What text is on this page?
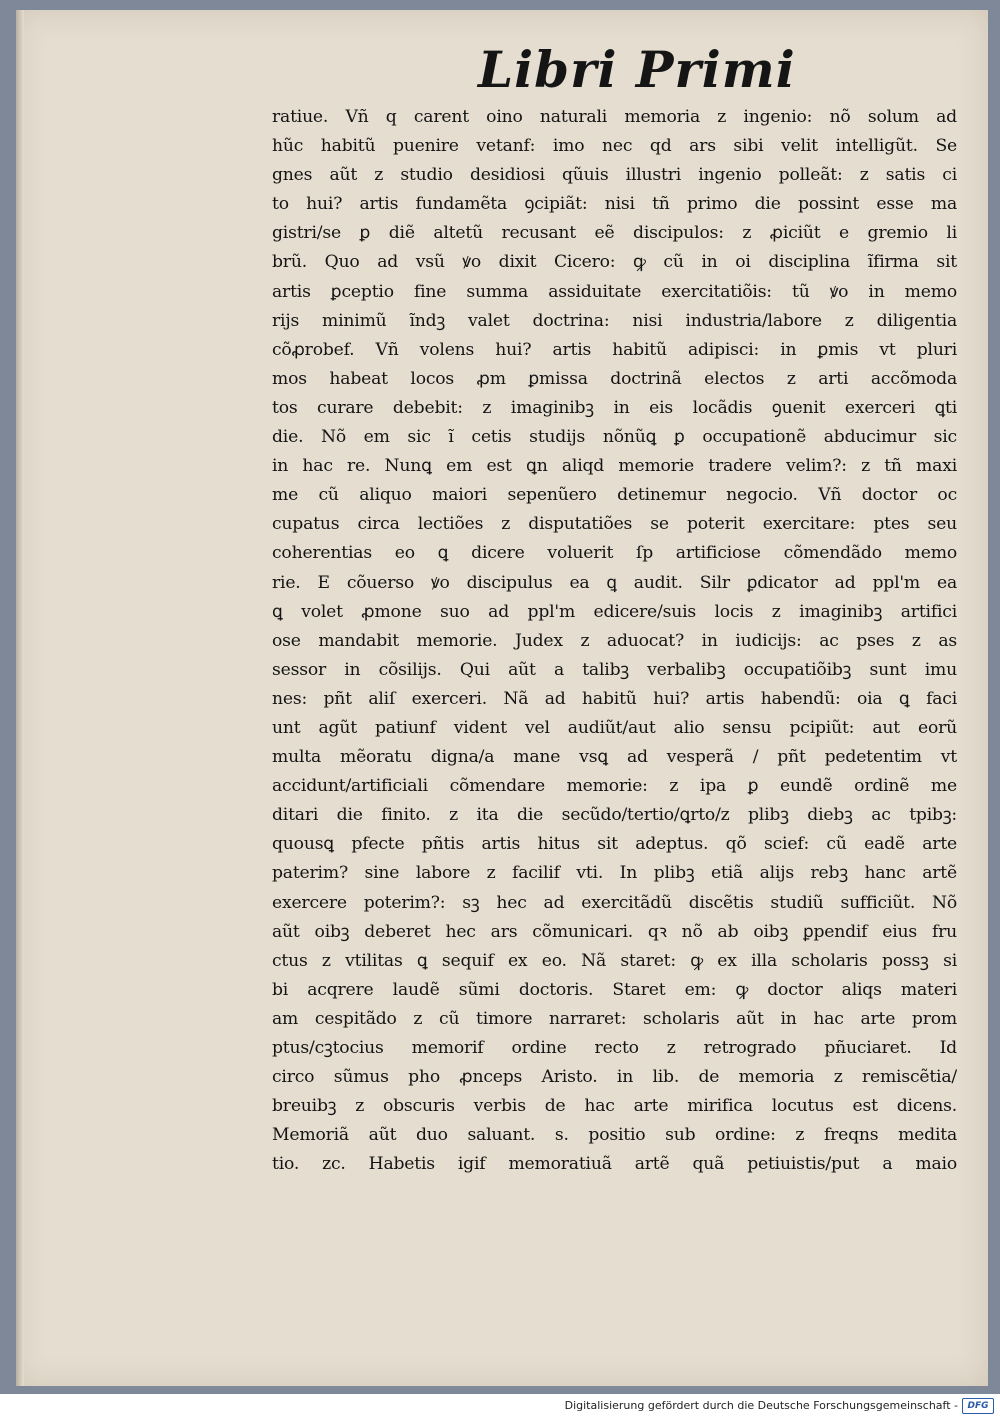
Libri Primi
ratiue. Vñ q carent oino naturali memoria z ingenio: nõ solum ad
hũc habitũ puenire vetanf: imo nec qd ars sibi velit intelligũt. Se
gnes aũt z studio desidiosi qũuis illustri ingenio polleãt: z satis ci
to hui? artis fundamẽta ꝯcipiãt: nisi tñ primo die possint esse ma
gistri/se ꝑ diẽ altetũ recusant eẽ discipulos: z ꝓiciũt e gremio li
brũ. Quo ad vsũ ꝟo dixit Cicero: ꝙ cũ in oi disciplina ĩfirma sit
artis ꝑceptio fine summa assiduitate exercitatiõis: tũ ꝟo in memo
rijs minimũ ĩndꝫ valet doctrina: nisi industria/labore z diligentia
cõꝓrobef. Vñ volens hui? artis habitũ adipisci: in ꝑmis vt pluri
mos habeat locos ꝓm ꝑmissa doctrinã electos z arti accõmoda
tos curare debebit: z imaginibꝫ in eis locãdis ꝯuenit exerceri ꝗti
die. Nõ em sic ĩ cetis studijs nõnũꝗ ꝑ occupationẽ abducimur sic
in hac re. Nunꝗ em est ꝗn aliqd memorie tradere velim?: z tñ maxi
me cũ aliquo maiori sepenũero detinemur negocio. Vñ doctor oc
cupatus circa lectiões z disputatiões se poterit exercitare: ptes seu
coherentias eo ꝗ dicere voluerit ſp artificiose cõmendãdo memo
rie. E cõuerso ꝟo discipulus ea ꝗ audit. Silr ꝑdicator ad ppl'm ea
ꝗ volet ꝓmone suo ad ppl'm edicere/suis locis z imaginibꝫ artifici
ose mandabit memorie. Judex z aduocat? in iudicijs: ac pses z as
sessor in cõsilijs. Qui aũt a talibꝫ verbalibꝫ occupatiõibꝫ sunt imu
nes: pñt aliſ exerceri. Nã ad habitũ hui? artis habendũ: oia ꝗ faci
unt agũt patiunf vident vel audiũt/aut alio sensu pcipiũt: aut eorũ
multa mẽoratu digna/a mane vsꝗ ad vesperã / pñt pedetentim vt
accidunt/artificiali cõmendare memorie: z ipa ꝑ eundẽ ordinẽ me
ditari die finito. z ita die secũdo/tertio/ꝗrto/z plibꝫ diebꝫ ac tpibꝫ:
quousꝗ pfecte pñtis artis hitus sit adeptus. qõ scief: cũ eadẽ arte
paterim? sine labore z facilif vti. In plibꝫ etiã alijs rebꝫ hanc artẽ
exercere poterim?: sꝫ hec ad exercitãdũ discẽtis studiũ sufficiũt. Nõ
aũt oibꝫ deberet hec ars cõmunicari. qꝛ nõ ab oibꝫ ꝑpendif eius fru
ctus z vtilitas ꝗ sequif ex eo. Nã staret: ꝙ ex illa scholaris possꝫ si
bi acqrere laudẽ sũmi doctoris. Staret em: ꝙ doctor aliqs materi
am cespitãdo z cũ timore narraret: scholaris aũt in hac arte prom
ptus/cꝫtocius memorif ordine recto z retrogrado pñuciaret. Id
circo sũmus pho ꝓnceps Aristo. in lib. de memoria z remiscẽtia/
breuibꝫ z obscuris verbis de hac arte mirifica locutus est dicens.
Memoriã aũt duo saluant. s. positio sub ordine: z freqns medita
tio. zc. Habetis igif memoratiuã artẽ quã petiuistis/put a maio
Digitalisierung gefördert durch die Deutsche Forschungsgemeinschaft -	DFG
